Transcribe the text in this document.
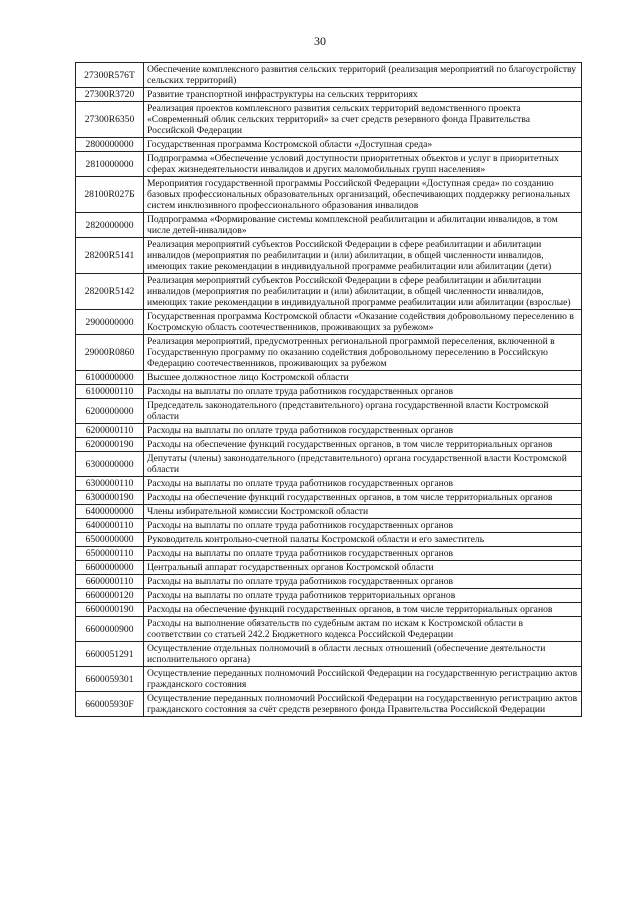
30
27300R576T	Обеспечение комплексного развития сельских территорий (реализация мероприятий по благоустройству сельских территорий)
27300R3720	Развитие транспортной инфраструктуры на сельских территориях
27300R6350	Реализация проектов комплексного развития сельских территорий ведомственного проекта «Современный облик сельских территорий» за счет средств резервного фонда Правительства Российской Федерации
2800000000	Государственная программа Костромской области «Доступная среда»
2810000000	Подпрограмма «Обеспечение условий доступности приоритетных объектов и услуг в приоритетных сферах жизнедеятельности инвалидов и других маломобильных групп населения»
28100R027Б	Мероприятия государственной программы Российской Федерации «Доступная среда» по созданию базовых профессиональных образовательных организаций, обеспечивающих поддержку региональных систем инклюзивного профессионального образования инвалидов
2820000000	Подпрограмма «Формирование системы комплексной реабилитации и абилитации инвалидов, в том числе детей-инвалидов»
28200R5141	Реализация мероприятий субъектов Российской Федерации в сфере реабилитации и абилитации инвалидов (мероприятия по реабилитации и (или) абилитации, в общей численности инвалидов, имеющих такие рекомендации в индивидуальной программе реабилитации или абилитации (дети)
28200R5142	Реализация мероприятий субъектов Российской Федерации в сфере реабилитации и абилитации инвалидов (мероприятия по реабилитации и (или) абилитации, в общей численности инвалидов, имеющих такие рекомендации в индивидуальной программе реабилитации или абилитации (взрослые)
2900000000	Государственная программа Костромской области «Оказание содействия добровольному переселению в Костромскую область соотечественников, проживающих за рубежом»
29000R0860	Реализация мероприятий, предусмотренных региональной программой переселения, включенной в Государственную программу по оказанию содействия добровольному переселению в Российскую Федерацию соотечественников, проживающих за рубежом
6100000000	Высшее должностное лицо Костромской области
6100000110	Расходы на выплаты по оплате труда работников государственных органов
6200000000	Председатель законодательного (представительного) органа государственной власти Костромской области
6200000110	Расходы на выплаты по оплате труда работников государственных органов
6200000190	Расходы на обеспечение функций государственных органов, в том числе территориальных органов
6300000000	Депутаты (члены) законодательного (представительного) органа государственной власти Костромской области
6300000110	Расходы на выплаты по оплате труда работников государственных органов
6300000190	Расходы на обеспечение функций государственных органов, в том числе территориальных органов
6400000000	Члены избирательной комиссии Костромской области
6400000110	Расходы на выплаты по оплате труда работников государственных органов
6500000000	Руководитель контрольно-счетной палаты Костромской области и его заместитель
6500000110	Расходы на выплаты по оплате труда работников государственных органов
6600000000	Центральный аппарат государственных органов Костромской области
6600000110	Расходы на выплаты по оплате труда работников государственных органов
6600000120	Расходы на выплаты по оплате труда работников территориальных органов
6600000190	Расходы на обеспечение функций государственных органов, в том числе территориальных органов
6600000900	Расходы на выполнение обязательств по судебным актам по искам к Костромской области в соответствии со статьей 242.2 Бюджетного кодекса Российской Федерации
6600051291	Осуществление отдельных полномочий в области лесных отношений (обеспечение деятельности исполнительного органа)
6600059301	Осуществление переданных полномочий Российской Федерации на государственную регистрацию актов гражданского состояния
660005930F	Осуществление переданных полномочий Российской Федерации на государственную регистрацию актов гражданского состояния за счёт средств резервного фонда Правительства Российской Федерации
